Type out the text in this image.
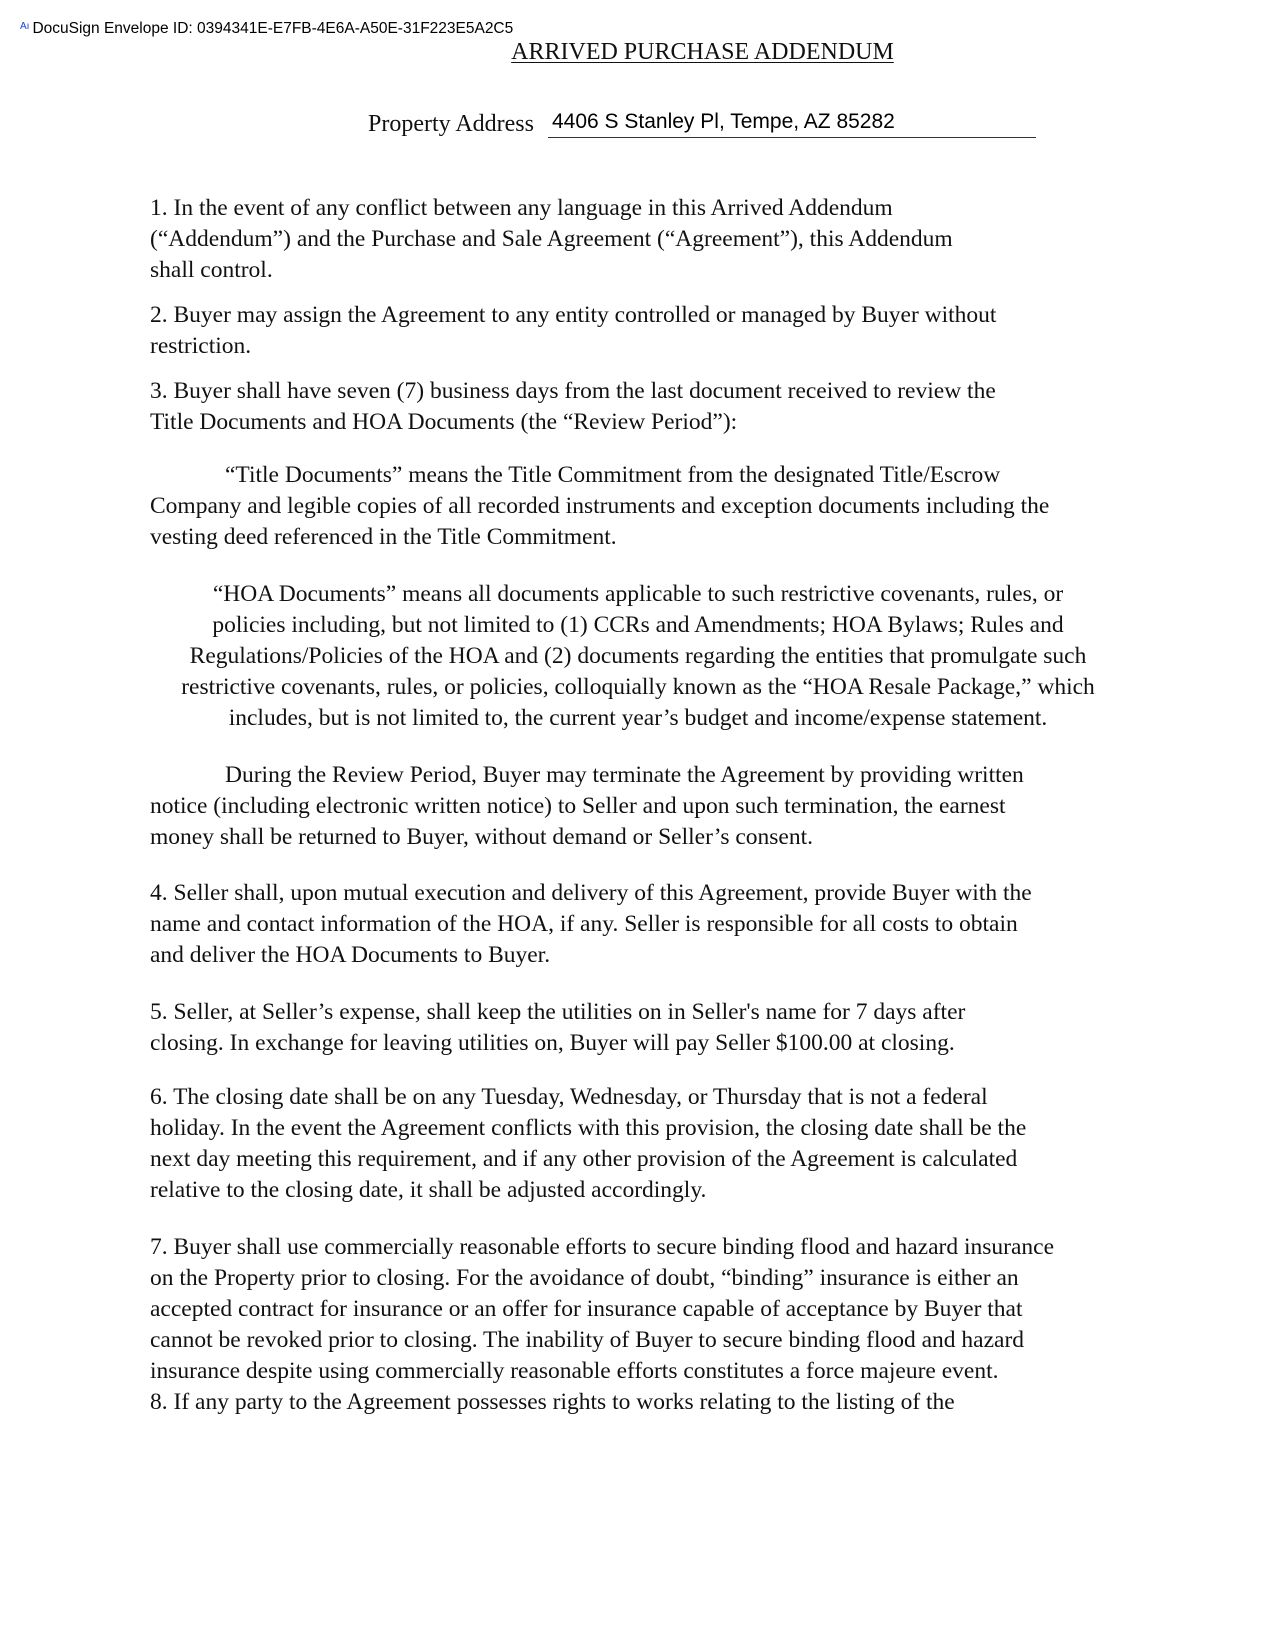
$^{Aı}$ DocuSign Envelope ID: 0394341E-E7FB-4E6A-A50E-31F223E5A2C5
ARRIVED PURCHASE ADDENDUM
Property Address 4406 S Stanley Pl, Tempe, AZ 85282
1. In the event of any conflict between any language in this Arrived Addendum
(“Addendum”) and the Purchase and Sale Agreement (“Agreement”), this Addendum
shall control.
2. Buyer may assign the Agreement to any entity controlled or managed by Buyer without
restriction.
3. Buyer shall have seven (7) business days from the last document received to review the
Title Documents and HOA Documents (the “Review Period”):
“Title Documents” means the Title Commitment from the designated Title/Escrow
Company and legible copies of all recorded instruments and exception documents including the
vesting deed referenced in the Title Commitment.
“HOA Documents” means all documents applicable to such restrictive covenants, rules, or
policies including, but not limited to (1) CCRs and Amendments; HOA Bylaws; Rules and
Regulations/Policies of the HOA and (2) documents regarding the entities that promulgate such
restrictive covenants, rules, or policies, colloquially known as the “HOA Resale Package,” which
includes, but is not limited to, the current year’s budget and income/expense statement.
During the Review Period, Buyer may terminate the Agreement by providing written
notice (including electronic written notice) to Seller and upon such termination, the earnest
money shall be returned to Buyer, without demand or Seller’s consent.
4. Seller shall, upon mutual execution and delivery of this Agreement, provide Buyer with the
name and contact information of the HOA, if any. Seller is responsible for all costs to obtain
and deliver the HOA Documents to Buyer.
5. Seller, at Seller’s expense, shall keep the utilities on in Seller's name for 7 days after
closing. In exchange for leaving utilities on, Buyer will pay Seller $100.00 at closing.
6. The closing date shall be on any Tuesday, Wednesday, or Thursday that is not a federal
holiday. In the event the Agreement conflicts with this provision, the closing date shall be the
next day meeting this requirement, and if any other provision of the Agreement is calculated
relative to the closing date, it shall be adjusted accordingly.
7. Buyer shall use commercially reasonable efforts to secure binding flood and hazard insurance
on the Property prior to closing. For the avoidance of doubt, “binding” insurance is either an
accepted contract for insurance or an offer for insurance capable of acceptance by Buyer that
cannot be revoked prior to closing. The inability of Buyer to secure binding flood and hazard
insurance despite using commercially reasonable efforts constitutes a force majeure event.
8. If any party to the Agreement possesses rights to works relating to the listing of the
